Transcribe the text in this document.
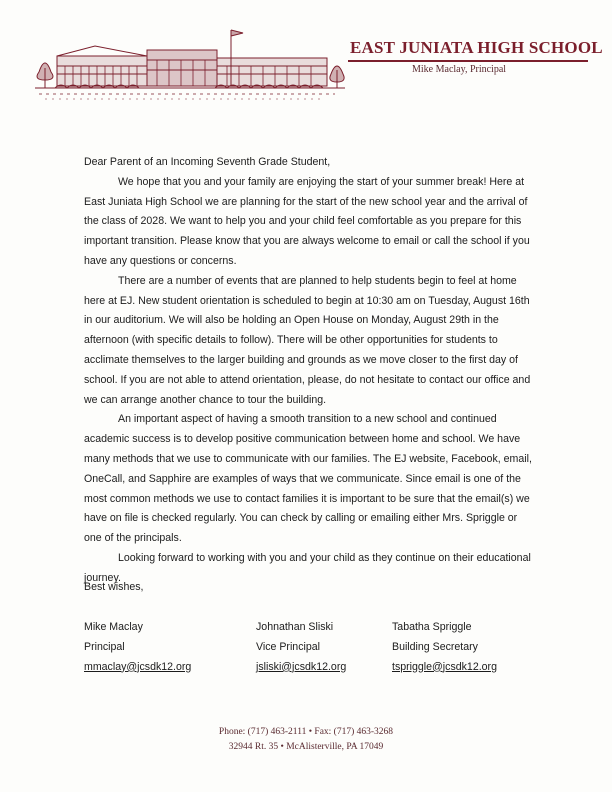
EAST JUNIATA HIGH SCHOOL
Mike Maclay, Principal

Dear Parent of an Incoming Seventh Grade Student,

We hope that you and your family are enjoying the start of your summer break! Here at East Juniata High School we are planning for the start of the new school year and the arrival of the class of 2028. We want to help you and your child feel comfortable as you prepare for this important transition. Please know that you are always welcome to email or call the school if you have any questions or concerns.

There are a number of events that are planned to help students begin to feel at home here at EJ. New student orientation is scheduled to begin at 10:30 am on Tuesday, August 16th in our auditorium. We will also be holding an Open House on Monday, August 29th in the afternoon (with specific details to follow). There will be other opportunities for students to acclimate themselves to the larger building and grounds as we move closer to the first day of school. If you are not able to attend orientation, please, do not hesitate to contact our office and we can arrange another chance to tour the building.

An important aspect of having a smooth transition to a new school and continued academic success is to develop positive communication between home and school. We have many methods that we use to communicate with our families. The EJ website, Facebook, email, OneCall, and Sapphire are examples of ways that we communicate. Since email is one of the most common methods we use to contact families it is important to be sure that the email(s) we have on file is checked regularly. You can check by calling or emailing either Mrs. Spriggle or one of the principals.

Looking forward to working with you and your child as they continue on their educational journey.

Best wishes,
Mike Maclay
Principal
mmaclay@jcsdk12.org
Johnathan Sliski
Vice Principal
jsliski@jcsdk12.org
Tabatha Spriggle
Building Secretary
tspriggle@jcsdk12.org
Phone: (717) 463-2111 • Fax: (717) 463-3268
32944 Rt. 35 • McAlisterville, PA 17049
